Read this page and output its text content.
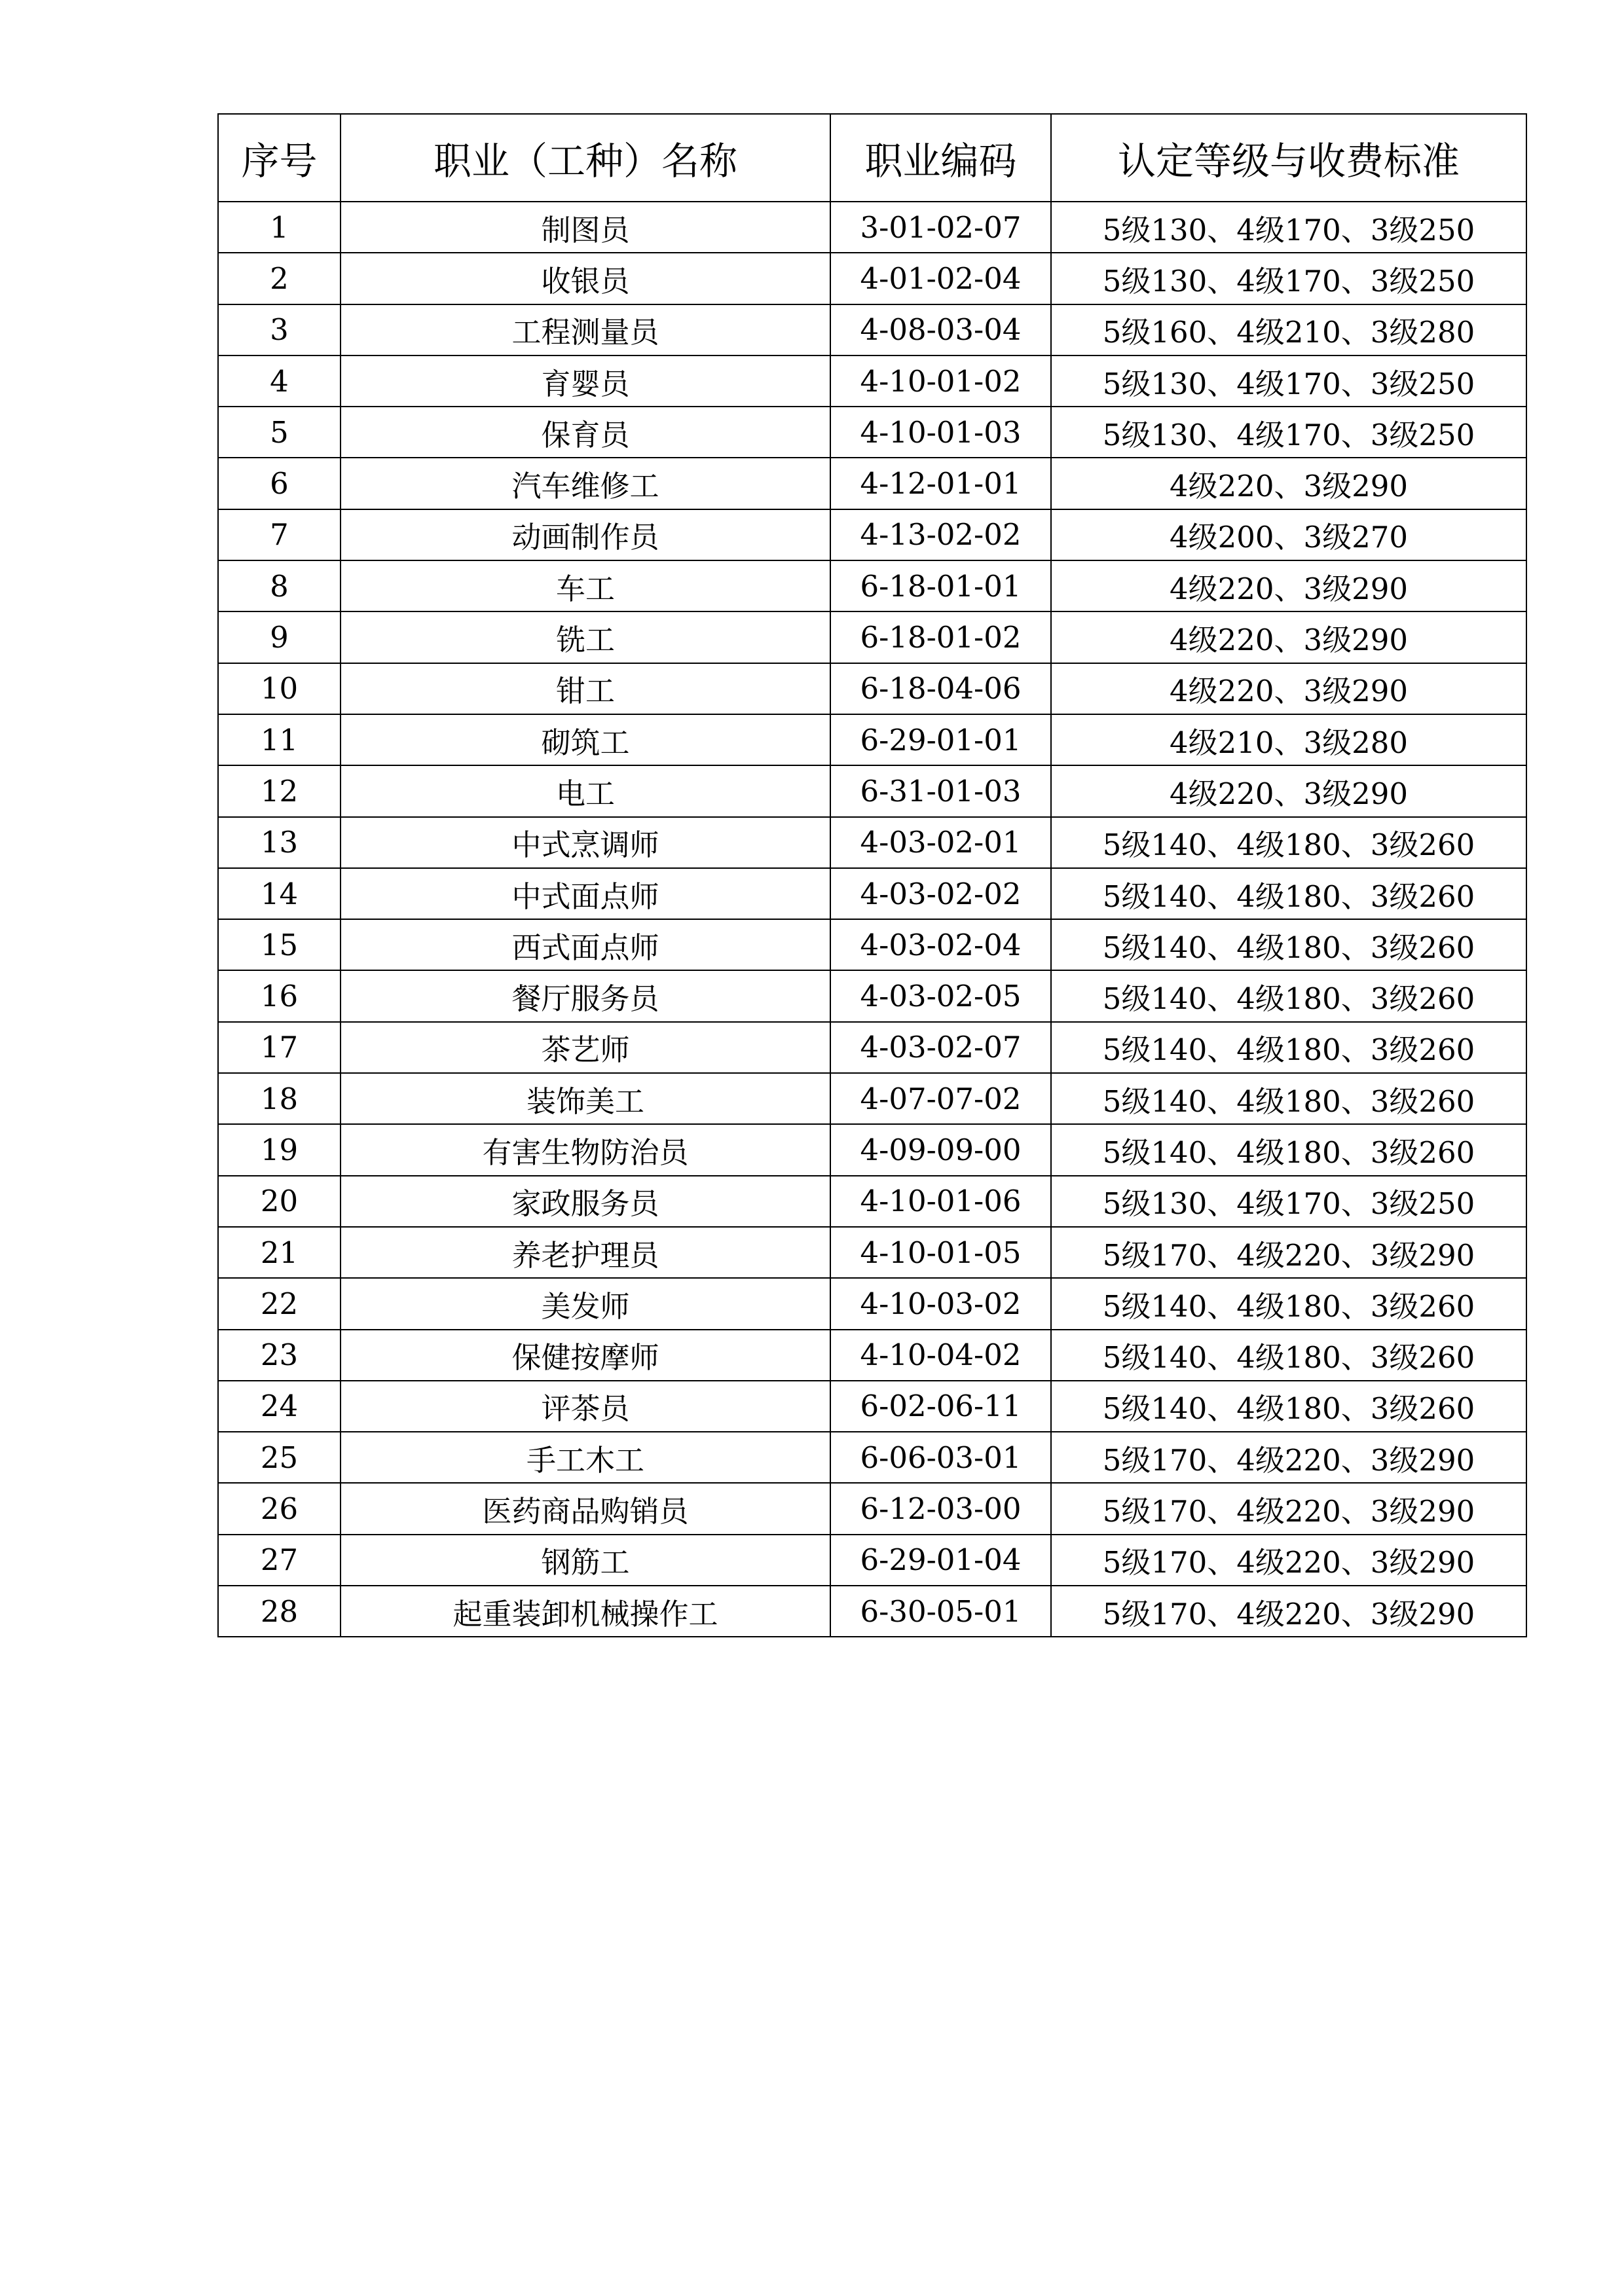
序号	职业（工种）名称	职业编码	认定等级与收费标准
1	制图员	3-01-02-07	5级130、4级170、3级250
2	收银员	4-01-02-04	5级130、4级170、3级250
3	工程测量员	4-08-03-04	5级160、4级210、3级280
4	育婴员	4-10-01-02	5级130、4级170、3级250
5	保育员	4-10-01-03	5级130、4级170、3级250
6	汽车维修工	4-12-01-01	4级220、3级290
7	动画制作员	4-13-02-02	4级200、3级270
8	车工	6-18-01-01	4级220、3级290
9	铣工	6-18-01-02	4级220、3级290
10	钳工	6-18-04-06	4级220、3级290
11	砌筑工	6-29-01-01	4级210、3级280
12	电工	6-31-01-03	4级220、3级290
13	中式烹调师	4-03-02-01	5级140、4级180、3级260
14	中式面点师	4-03-02-02	5级140、4级180、3级260
15	西式面点师	4-03-02-04	5级140、4级180、3级260
16	餐厅服务员	4-03-02-05	5级140、4级180、3级260
17	茶艺师	4-03-02-07	5级140、4级180、3级260
18	装饰美工	4-07-07-02	5级140、4级180、3级260
19	有害生物防治员	4-09-09-00	5级140、4级180、3级260
20	家政服务员	4-10-01-06	5级130、4级170、3级250
21	养老护理员	4-10-01-05	5级170、4级220、3级290
22	美发师	4-10-03-02	5级140、4级180、3级260
23	保健按摩师	4-10-04-02	5级140、4级180、3级260
24	评茶员	6-02-06-11	5级140、4级180、3级260
25	手工木工	6-06-03-01	5级170、4级220、3级290
26	医药商品购销员	6-12-03-00	5级170、4级220、3级290
27	钢筋工	6-29-01-04	5级170、4级220、3级290
28	起重装卸机械操作工	6-30-05-01	5级170、4级220、3级290
